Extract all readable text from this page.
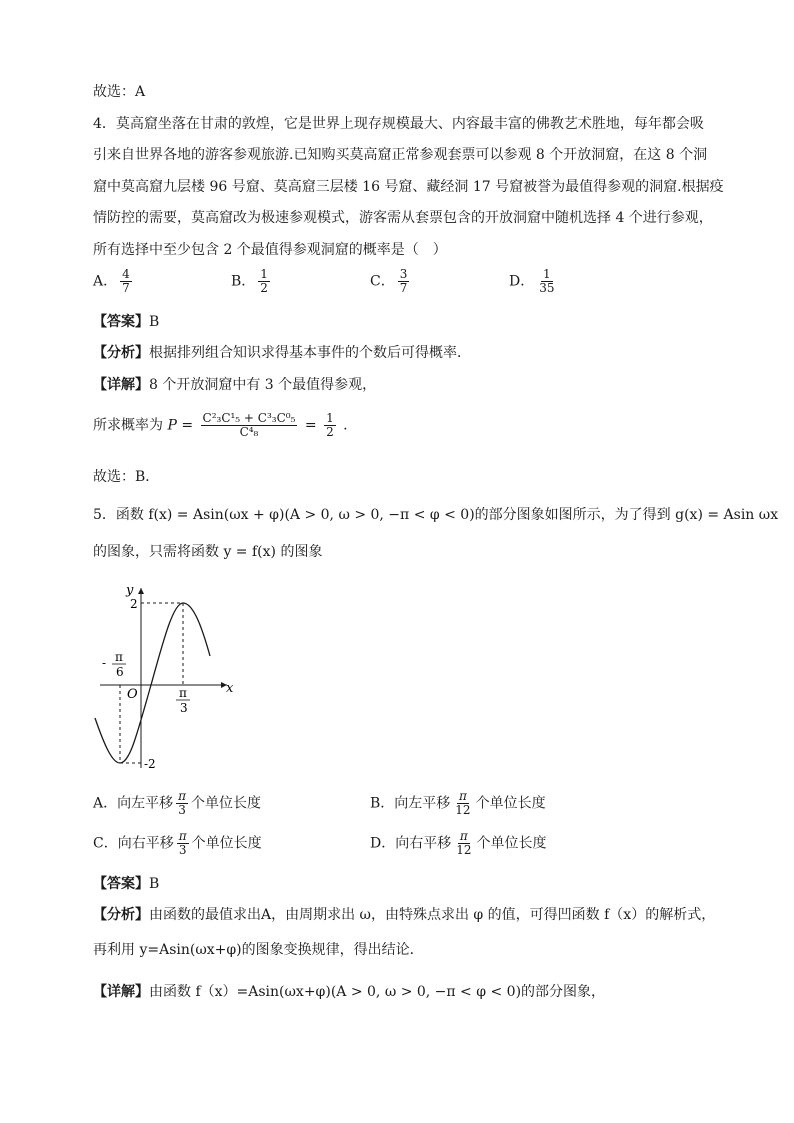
故选：A
4．莫高窟坐落在甘肃的敦煌，它是世界上现存规模最大、内容最丰富的佛教艺术胜地，每年都会吸
引来自世界各地的游客参观旅游.已知购买莫高窟正常参观套票可以参观 8 个开放洞窟，在这 8 个洞
窟中莫高窟九层楼 96 号窟、莫高窟三层楼 16 号窟、藏经洞 17 号窟被誉为最值得参观的洞窟.根据疫
情防控的需要，莫高窟改为极速参观模式，游客需从套票包含的开放洞窟中随机选择 4 个进行参观，
所有选择中至少包含 2 个最值得参观洞窟的概率是（　）
A． $\frac{4}{7}$	B． $\frac{1}{2}$	C． $\frac{3}{7}$	D． $\frac{1}{35}$
【答案】B
【分析】根据排列组合知识求得基本事件的个数后可得概率．
【详解】8 个开放洞窟中有 3 个最值得参观，
所求概率为 $P = \frac{\text{C²₃C¹₅ + C³₃C⁰₅}}{\text{C⁴₈}} = \frac{1}{2}$ .
故选：B．
5．函数 f(x) = Asin(ωx + φ)(A > 0, ω > 0, −π < φ < 0)的部分图象如图所示，为了得到 g(x) = Asin ωx
的图象，只需将函数 y = f(x) 的图象
y
x
O
2
-2
- π
6
π
3
A．向左平移 $\frac{\pi}{3}$ 个单位长度	B．向左平移 $\frac{\pi}{12}$ 个单位长度
C．向右平移 $\frac{\pi}{3}$ 个单位长度	D．向右平移 $\frac{\pi}{12}$ 个单位长度
【答案】B
【分析】由函数的最值求出A，由周期求出 ω，由特殊点求出 φ 的值，可得凹函数 f（x）的解析式，
再利用 y=Asin(ωx+φ)的图象变换规律，得出结论．
【详解】由函数 f（x）=Asin(ωx+φ)(A > 0, ω > 0, −π < φ < 0)的部分图象，
